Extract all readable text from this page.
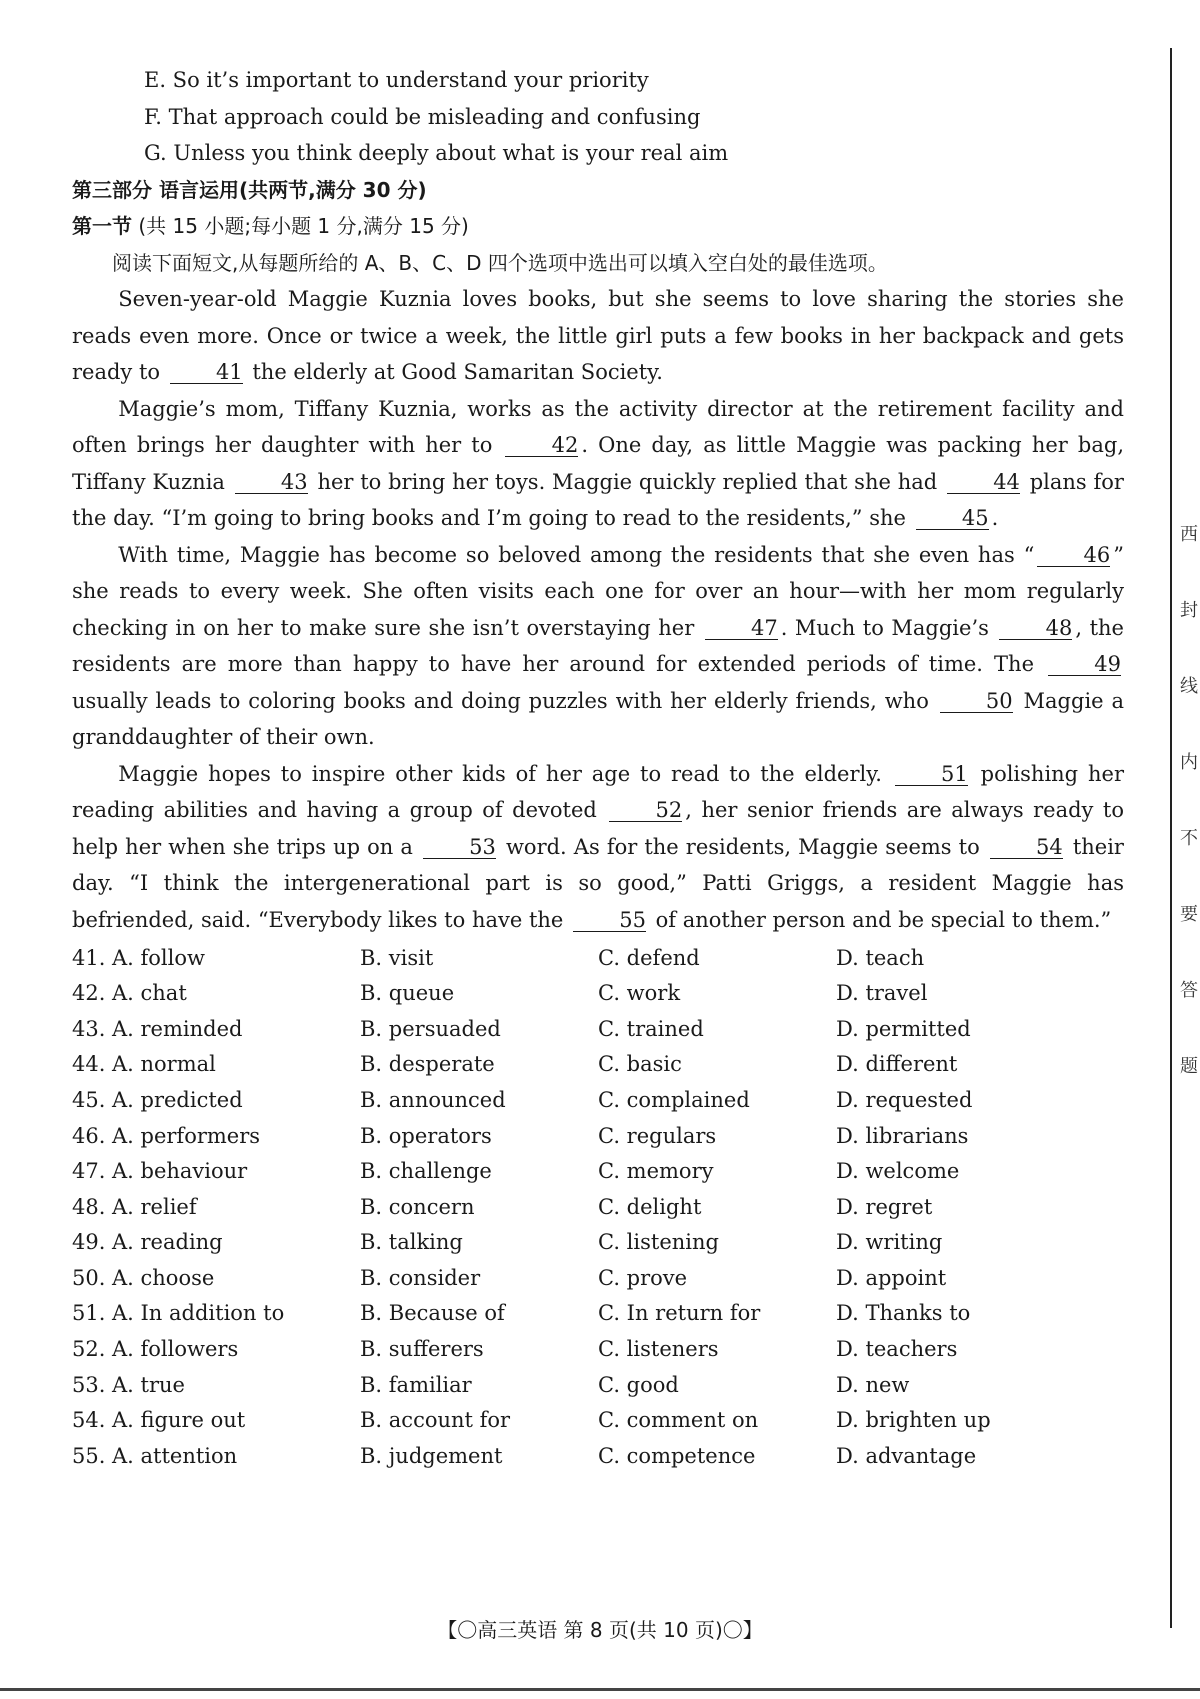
E. So it’s important to understand your priority

F. That approach could be misleading and confusing

G. Unless you think deeply about what is your real aim

第三部分 语言运用(共两节,满分 30 分)

第一节 (共 15 小题;每小题 1 分,满分 15 分)

阅读下面短文,从每题所给的 A、B、C、D 四个选项中选出可以填入空白处的最佳选项。

Seven-year-old Maggie Kuznia loves books, but she seems to love sharing the stories she reads even more. Once or twice a week, the little girl puts a few books in her backpack and gets ready to	41 the elderly at Good Samaritan Society.

Maggie’s mom, Tiffany Kuznia, works as the activity director at the retirement facility and often brings her daughter with her to	42 . One day, as little Maggie was packing her bag, Tiffany Kuznia	43 her to bring her toys. Maggie quickly replied that she had	44 plans for the day. “I’m going to bring books and I’m going to read to the residents,” she	45 .

With time, Maggie has become so beloved among the residents that she even has “ 46 ” she reads to every week. She often visits each one for over an hour—with her mom regularly checking in on her to make sure she isn’t overstaying her	47 . Much to Maggie’s	48 , the residents are more than happy to have her around for extended periods of time. The	49 usually leads to coloring books and doing puzzles with her elderly friends, who	50 Maggie a granddaughter of their own.

Maggie hopes to inspire other kids of her age to read to the elderly.	51 polishing her reading abilities and having a group of devoted	52 , her senior friends are always ready to help her when she trips up on a	53 word. As for the residents, Maggie seems to	54 their day. “I think the intergenerational part is so good,” Patti Griggs, a resident Maggie has befriended, said. “Everybody likes to have the	55 of another person and be special to them.”

41. A. follow	B. visit	C. defend	D. teach
42. A. chat	B. queue	C. work	D. travel
43. A. reminded	B. persuaded	C. trained	D. permitted
44. A. normal	B. desperate	C. basic	D. different
45. A. predicted	B. announced	C. complained	D. requested
46. A. performers	B. operators	C. regulars	D. librarians
47. A. behaviour	B. challenge	C. memory	D. welcome
48. A. relief	B. concern	C. delight	D. regret
49. A. reading	B. talking	C. listening	D. writing
50. A. choose	B. consider	C. prove	D. appoint
51. A. In addition to	B. Because of	C. In return for	D. Thanks to
52. A. followers	B. sufferers	C. listeners	D. teachers
53. A. true	B. familiar	C. good	D. new
54. A. figure out	B. account for	C. comment on	D. brighten up
55. A. attention	B. judgement	C. competence	D. advantage
【〇高三英语 第 8 页(共 10 页)〇】
西
封
线
内
不
要
答
题
